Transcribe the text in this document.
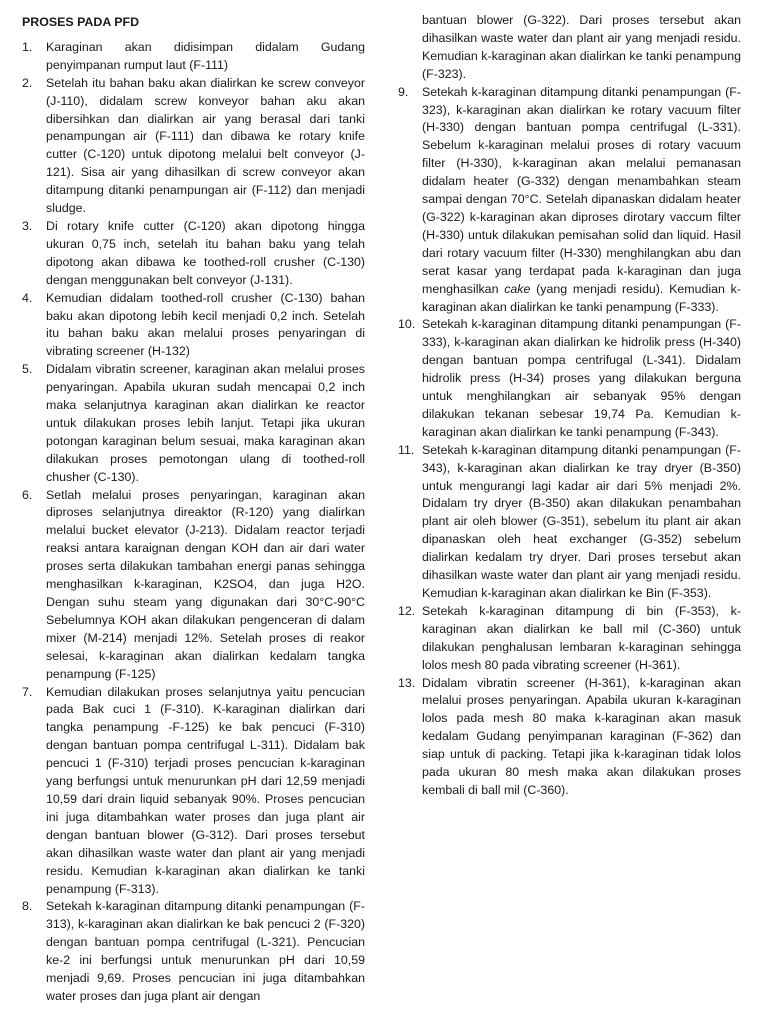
PROSES PADA PFD
1. Karaginan akan didisimpan didalam Gudang penyimpanan rumput laut (F-111)
2. Setelah itu bahan baku akan dialirkan ke screw conveyor (J-110), didalam screw konveyor bahan aku akan dibersihkan dan dialirkan air yang berasal dari tanki penampungan air (F-111) dan dibawa ke rotary knife cutter (C-120) untuk dipotong melalui belt conveyor (J-121). Sisa air yang dihasilkan di screw conveyor akan ditampung ditanki penampungan air (F-112) dan menjadi sludge.
3. Di rotary knife cutter (C-120) akan dipotong hingga ukuran 0,75 inch, setelah itu bahan baku yang telah dipotong akan dibawa ke toothed-roll crusher (C-130) dengan menggunakan belt conveyor (J-131).
4. Kemudian didalam toothed-roll crusher (C-130) bahan baku akan dipotong lebih kecil menjadi 0,2 inch. Setelah itu bahan baku akan melalui proses penyaringan di vibrating screener (H-132)
5. Didalam vibratin screener, karaginan akan melalui proses penyaringan. Apabila ukuran sudah mencapai 0,2 inch maka selanjutnya karaginan akan dialirkan ke reactor untuk dilakukan proses lebih lanjut. Tetapi jika ukuran potongan karaginan belum sesuai, maka karaginan akan dilakukan proses pemotongan ulang di toothed-roll chusher (C-130).
6. Setlah melalui proses penyaringan, karaginan akan diproses selanjutnya direaktor (R-120) yang dialirkan melalui bucket elevator (J-213). Didalam reactor terjadi reaksi antara karaignan dengan KOH dan air dari water proses serta dilakukan tambahan energi panas sehingga menghasilkan k-karaginan, K2SO4, dan juga H2O. Dengan suhu steam yang digunakan dari 30°C-90°C Sebelumnya KOH akan dilakukan pengenceran di dalam mixer (M-214) menjadi 12%. Setelah proses di reakor selesai, k-karaginan akan dialirkan kedalam tangka penampung (F-125)
7. Kemudian dilakukan proses selanjutnya yaitu pencucian pada Bak cuci 1 (F-310). K-karaginan dialirkan dari tangka penampung -F-125) ke bak pencuci (F-310) dengan bantuan pompa centrifugal L-311). Didalam bak pencuci 1 (F-310) terjadi proses pencucian k-karaginan yang berfungsi untuk menurunkan pH dari 12,59 menjadi 10,59 dari drain liquid sebanyak 90%. Proses pencucian ini juga ditambahkan water proses dan juga plant air dengan bantuan blower (G-312). Dari proses tersebut akan dihasilkan waste water dan plant air yang menjadi residu. Kemudian k-karaginan akan dialirkan ke tanki penampung (F-313).
8. Setekah k-karaginan ditampung ditanki penampungan (F-313), k-karaginan akan dialirkan ke bak pencuci 2 (F-320) dengan bantuan pompa centrifugal (L-321). Pencucian ke-2 ini berfungsi untuk menurunkan pH dari 10,59 menjadi 9,69. Proses pencucian ini juga ditambahkan water proses dan juga plant air dengan
bantuan blower (G-322). Dari proses tersebut akan dihasilkan waste water dan plant air yang menjadi residu. Kemudian k-karaginan akan dialirkan ke tanki penampung (F-323).
9. Setekah k-karaginan ditampung ditanki penampungan (F-323), k-karaginan akan dialirkan ke rotary vacuum filter (H-330) dengan bantuan pompa centrifugal (L-331). Sebelum k-karaginan melalui proses di rotary vacuum filter (H-330), k-karaginan akan melalui pemanasan didalam heater (G-332) dengan menambahkan steam sampai dengan 70°C. Setelah dipanaskan didalam heater (G-322) k-karaginan akan diproses dirotary vaccum filter (H-330) untuk dilakukan pemisahan solid dan liquid. Hasil dari rotary vacuum filter (H-330) menghilangkan abu dan serat kasar yang terdapat pada k-karaginan dan juga menghasilkan cake (yang menjadi residu). Kemudian k-karaginan akan dialirkan ke tanki penampung (F-333).
10. Setekah k-karaginan ditampung ditanki penampungan (F-333), k-karaginan akan dialirkan ke hidrolik press (H-340) dengan bantuan pompa centrifugal (L-341). Didalam hidrolik press (H-34) proses yang dilakukan berguna untuk menghilangkan air sebanyak 95% dengan dilakukan tekanan sebesar 19,74 Pa. Kemudian k-karaginan akan dialirkan ke tanki penampung (F-343).
11. Setekah k-karaginan ditampung ditanki penampungan (F-343), k-karaginan akan dialirkan ke tray dryer (B-350) untuk mengurangi lagi kadar air dari 5% menjadi 2%. Didalam try dryer (B-350) akan dilakukan penambahan plant air oleh blower (G-351), sebelum itu plant air akan dipanaskan oleh heat exchanger (G-352) sebelum dialirkan kedalam try dryer. Dari proses tersebut akan dihasilkan waste water dan plant air yang menjadi residu. Kemudian k-karaginan akan dialirkan ke Bin (F-353).
12. Setekah k-karaginan ditampung di bin (F-353), k-karaginan akan dialirkan ke ball mil (C-360) untuk dilakukan penghalusan lembaran k-karaginan sehingga lolos mesh 80 pada vibrating screener (H-361).
13. Didalam vibratin screener (H-361), k-karaginan akan melalui proses penyaringan. Apabila ukuran k-karaginan lolos pada mesh 80 maka k-karaginan akan masuk kedalam Gudang penyimpanan karaginan (F-362) dan siap untuk di packing. Tetapi jika k-karaginan tidak lolos pada ukuran 80 mesh maka akan dilakukan proses kembali di ball mil (C-360).
